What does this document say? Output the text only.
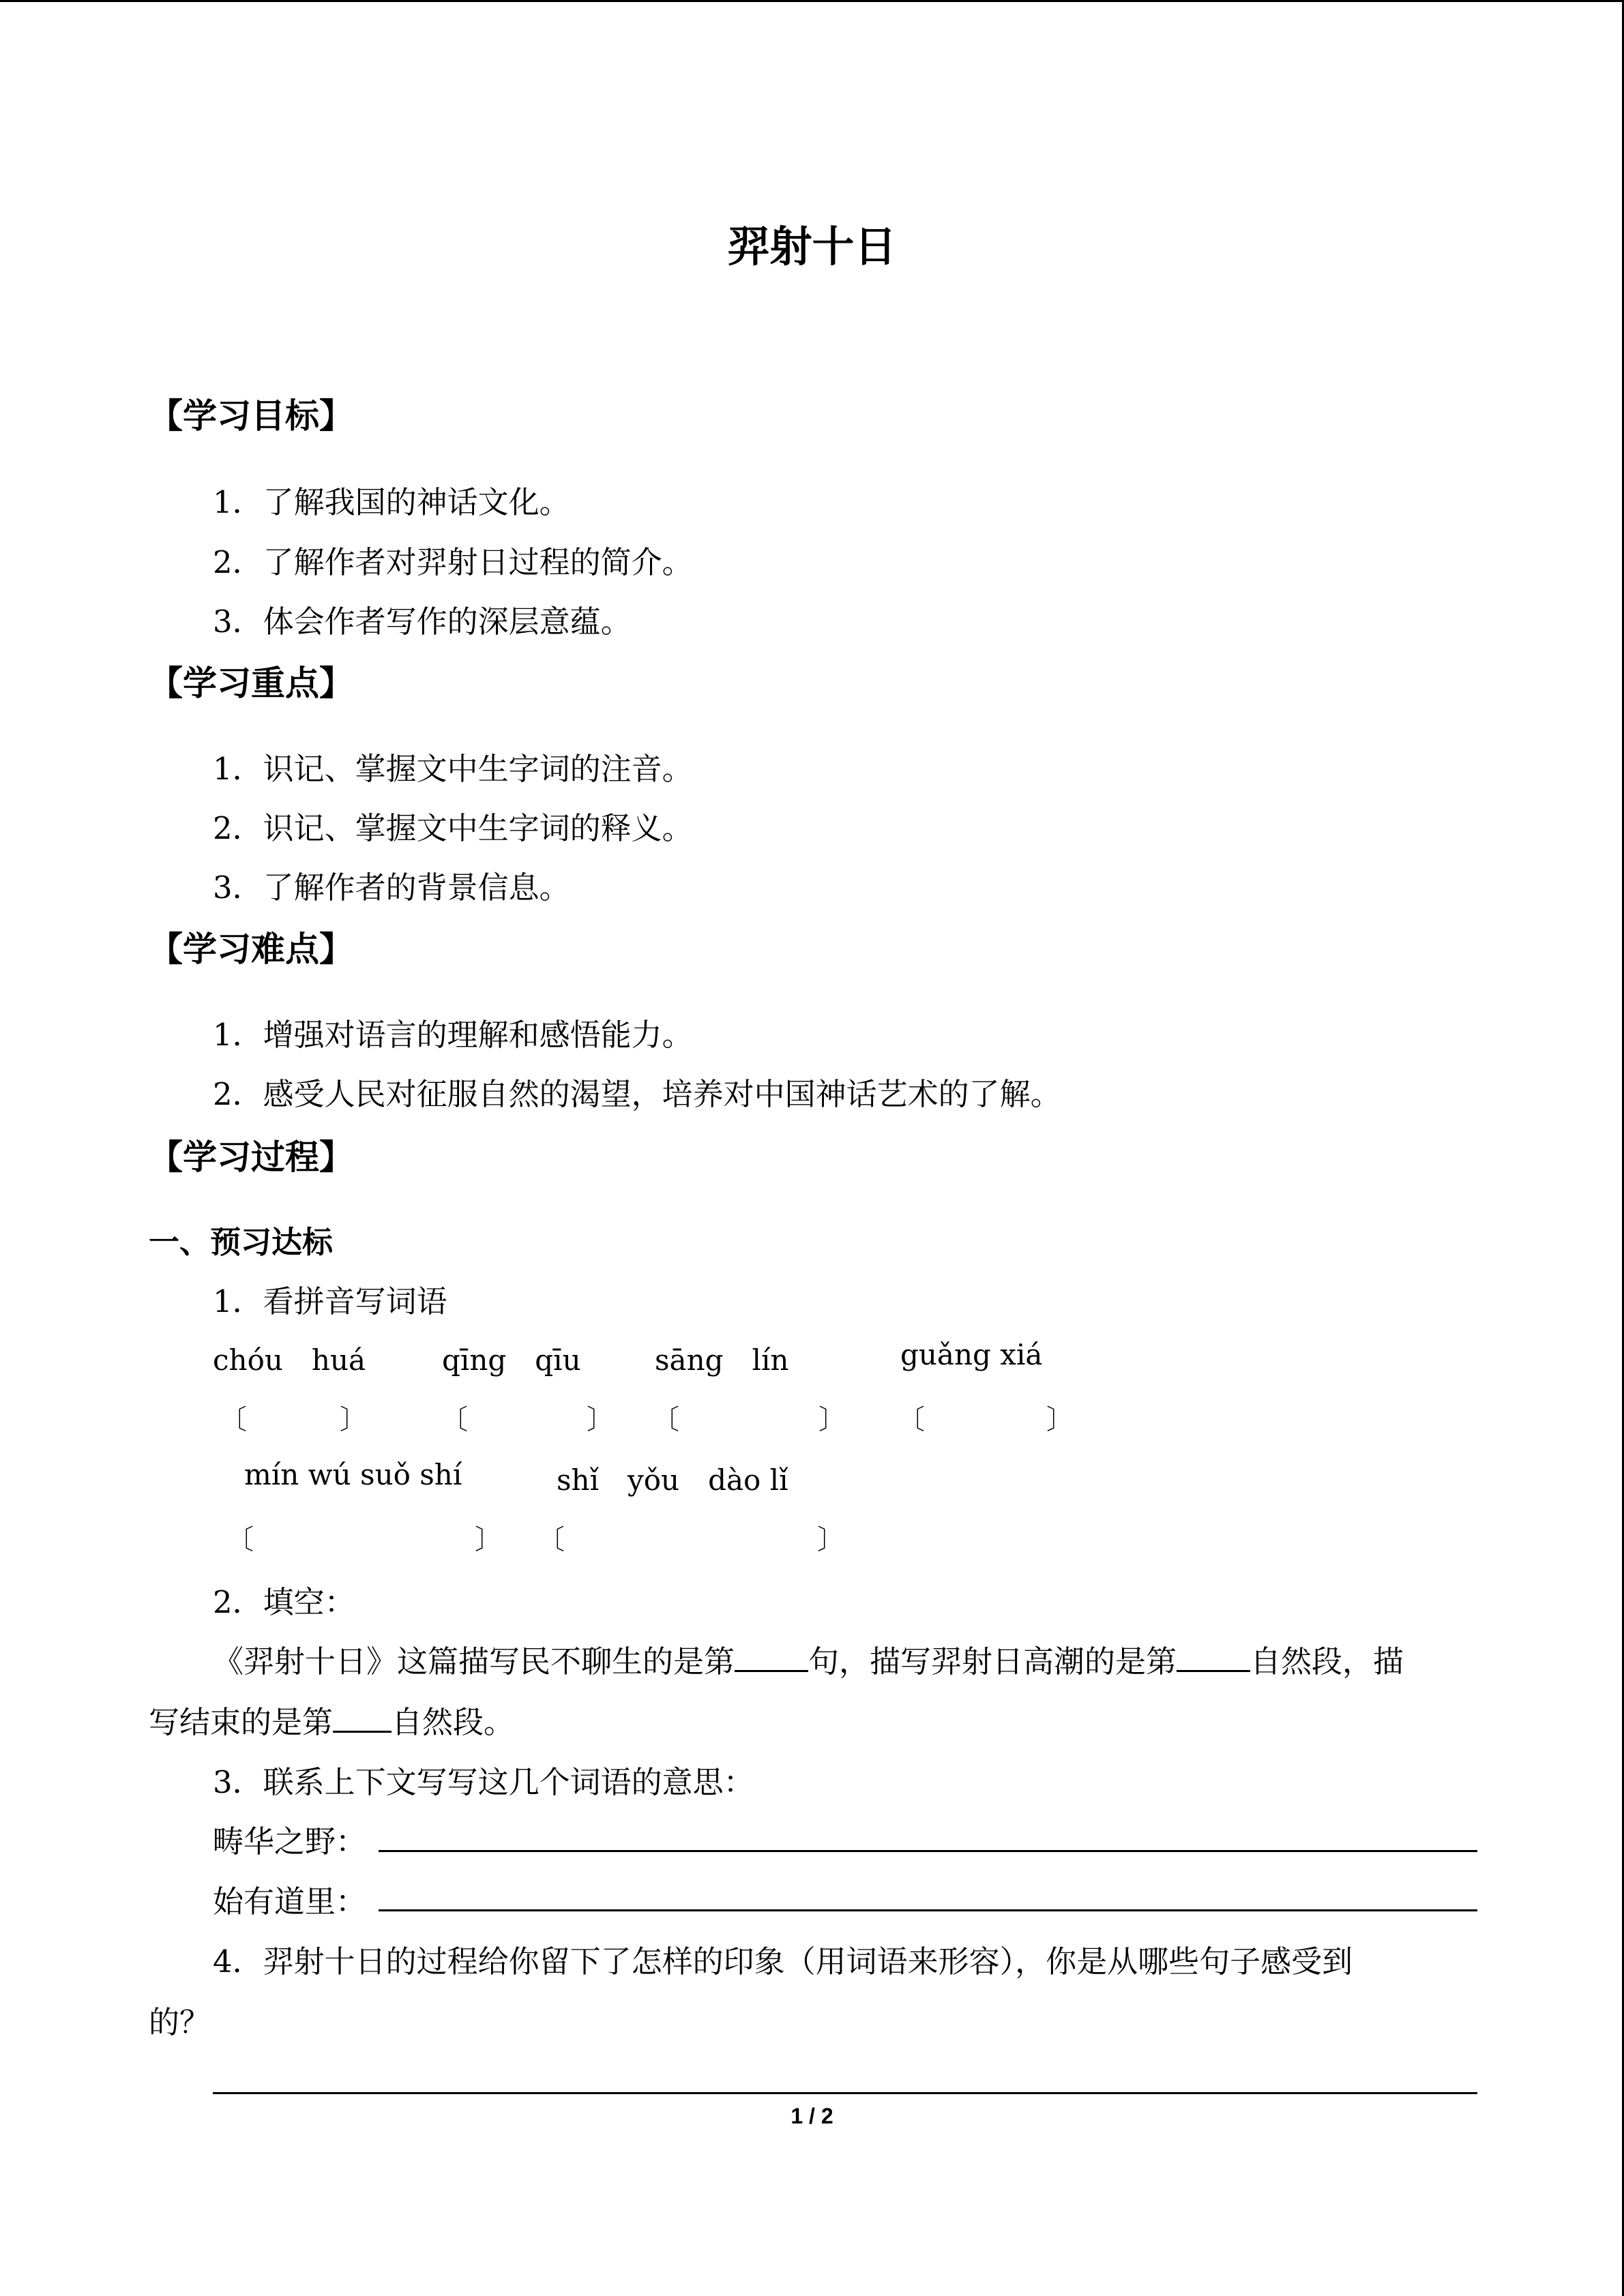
羿射十日
【学习目标】
1．了解我国的神话文化。
2．了解作者对羿射日过程的简介。
3．体会作者写作的深层意蕴。
【学习重点】
1．识记、掌握文中生字词的注音。
2．识记、掌握文中生字词的释义。
3．了解作者的背景信息。
【学习难点】
1．增强对语言的理解和感悟能力。
2．感受人民对征服自然的渴望，培养对中国神话艺术的了解。
【学习过程】
一、预习达标
1．看拼音写词语
chóu　huá	qīng　qīu	sāng　lín	guǎng xiá
〔	〕	〔	〕 〔	〕 〔	〕
mín wú suǒ shí	shǐ　yǒu　dào lǐ
〔	〕 〔	〕
2．填空：
《羿射十日》这篇描写民不聊生的是第 句，描写羿射日高潮的是第 自然段，描
写结束的是第 自然段。
3．联系上下文写写这几个词语的意思：
畴华之野：
始有道里：
4．羿射十日的过程给你留下了怎样的印象（用词语来形容），你是从哪些句子感受到
的？
1 / 2
